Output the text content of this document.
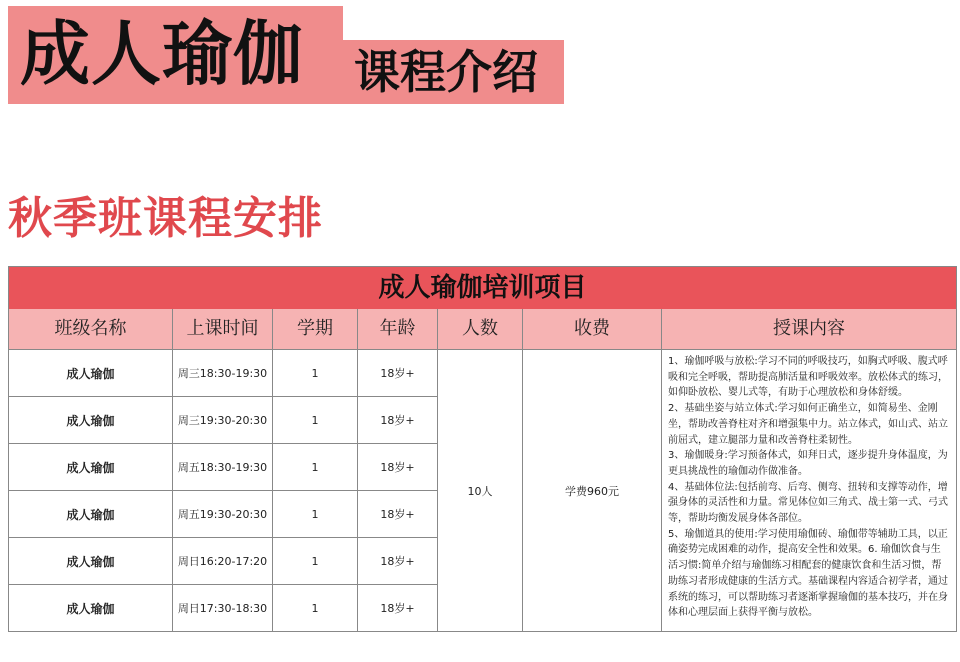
成人瑜伽 课程介绍
秋季班课程安排
成人瑜伽培训项目
班级名称	上课时间	学期	年龄	人数	收费	授课内容
成人瑜伽	周三18:30-19:30	1	18岁+
成人瑜伽	周三19:30-20:30	1	18岁+
成人瑜伽	周五18:30-19:30	1	18岁+
成人瑜伽	周五19:30-20:30	1	18岁+
成人瑜伽	周日16:20-17:20	1	18岁+
成人瑜伽	周日17:30-18:30	1	18岁+
10人	学费960元
1、瑜伽呼吸与放松:学习不同的呼吸技巧，如胸式呼吸、腹式呼吸和完全呼吸，帮助提高肺活量和呼吸效率。放松体式的练习，如仰卧放松、婴儿式等，有助于心理放松和身体舒缓。
2、基础坐姿与站立体式:学习如何正确坐立，如简易坐、金刚坐，帮助改善脊柱对齐和增强集中力。站立体式，如山式、站立前屈式，建立腿部力量和改善脊柱柔韧性。
3、瑜伽暖身:学习预备体式，如拜日式，逐步提升身体温度，为更具挑战性的瑜伽动作做准备。
4、基础体位法:包括前弯、后弯、侧弯、扭转和支撑等动作，增强身体的灵活性和力量。常见体位如三角式、战士第一式、弓式等，帮助均衡发展身体各部位。
5、瑜伽道具的使用:学习使用瑜伽砖、瑜伽带等辅助工具，以正确姿势完成困难的动作，提高安全性和效果。6. 瑜伽饮食与生活习惯:简单介绍与瑜伽练习相配套的健康饮食和生活习惯，帮助练习者形成健康的生活方式。基础课程内容适合初学者，通过系统的练习，可以帮助练习者逐渐掌握瑜伽的基本技巧，并在身体和心理层面上获得平衡与放松。
